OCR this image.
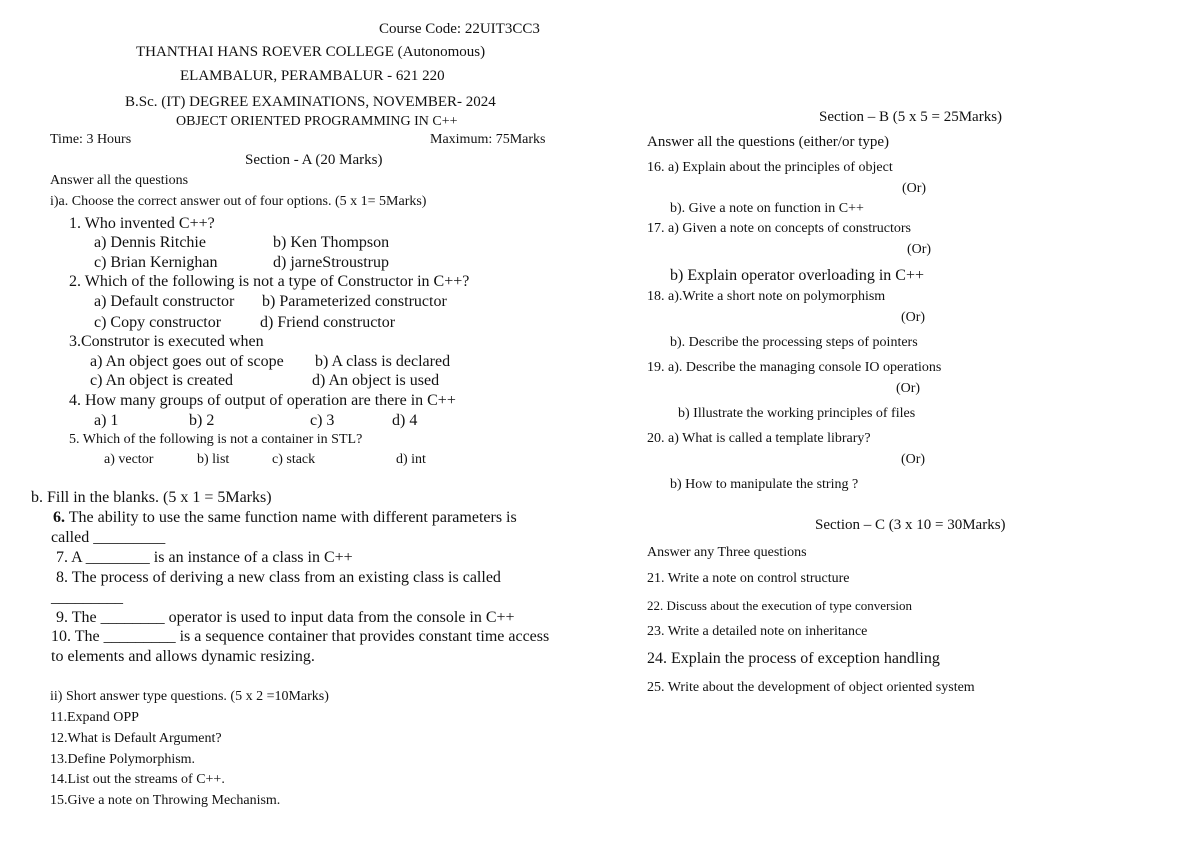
Course Code: 22UIT3CC3
THANTHAI HANS ROEVER COLLEGE (Autonomous)
ELAMBALUR, PERAMBALUR - 621 220
B.Sc. (IT) DEGREE EXAMINATIONS, NOVEMBER- 2024
OBJECT ORIENTED PROGRAMMING IN C++
Time: 3 Hours	Maximum: 75Marks
Section - A (20 Marks)
Answer all the questions
i)a. Choose the correct answer out of four options. (5 x 1= 5Marks)
1. Who invented C++?
a) Dennis Ritchie	b) Ken Thompson
c) Brian Kernighan	d) jarneStroustrup
2. Which of the following is not a type of Constructor in C++?
a) Default constructor b) Parameterized constructor
c) Copy constructor d) Friend constructor
3.Construtor is executed when
a) An object goes out of scope b) A class is declared
c) An object is created	d) An object is used
4. How many groups of output of operation are there in C++
a) 1	b) 2	c) 3	d) 4
5. Which of the following is not a container in STL?
a) vector	b) list	c) stack	d) int
b. Fill in the blanks. (5 x 1 = 5Marks)
6. The ability to use the same function name with different parameters is
called _________
7. A ________ is an instance of a class in C++
8. The process of deriving a new class from an existing class is called
_________
9. The ________ operator is used to input data from the console in C++
10. The _________ is a sequence container that provides constant time access
to elements and allows dynamic resizing.
ii) Short answer type questions. (5 x 2 =10Marks)
11.Expand OPP
12.What is Default Argument?
13.Define Polymorphism.
14.List out the streams of C++.
15.Give a note on Throwing Mechanism.
Section – B (5 x 5 = 25Marks)
Answer all the questions (either/or type)
16. a) Explain about the principles of object
(Or)
b). Give a note on function in C++
17. a) Given a note on concepts of constructors
(Or)
b) Explain operator overloading in C++
18. a).Write a short note on polymorphism
(Or)
b). Describe the processing steps of pointers
19. a). Describe the managing console IO operations
(Or)
b) Illustrate the working principles of files
20. a) What is called a template library?
(Or)
b) How to manipulate the string ?
Section – C (3 x 10 = 30Marks)
Answer any Three questions
21. Write a note on control structure
22. Discuss about the execution of type conversion
23. Write a detailed note on inheritance
24. Explain the process of exception handling
25. Write about the development of object oriented system
